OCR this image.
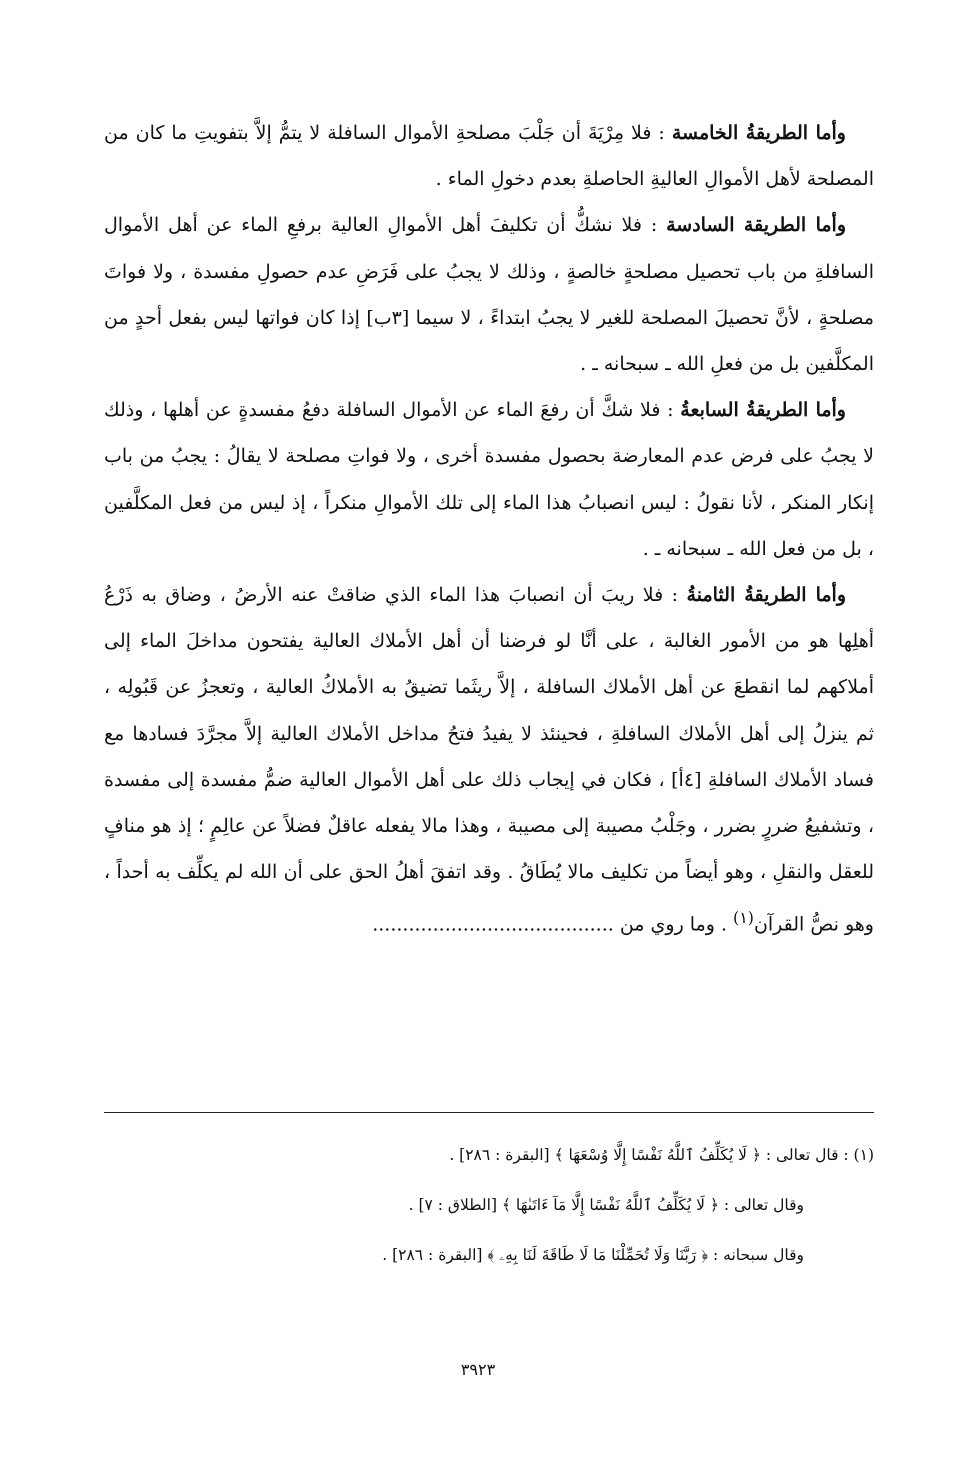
وأما الطريقةُ الخامسة : فلا مِرْيَةَ أن جَلْبَ مصلحةِ الأموال السافلة لا يتمُّ إلاَّ بتفويتِ ما كان من المصلحة لأهل الأموالِ العاليةِ الحاصلةِ بعدم دخولِ الماء .

وأما الطريقة السادسة : فلا نشكُّ أن تكليفَ أهل الأموالِ العالية برفعِ الماء عن أهل الأموال السافلةِ من باب تحصيل مصلحةٍ خالصةٍ ، وذلك لا يجبُ على فَرَضِ عدم حصولِ مفسدة ، ولا فواتَ مصلحةٍ ، لأنَّ تحصيلَ المصلحة للغير لا يجبُ ابتداءً ، لا سيما [٣ب] إذا كان فواتها ليس بفعل أحدٍ من المكلَّفين بل من فعلِ الله ـ سبحانه ـ .

وأما الطريقةُ السابعةُ : فلا شكَّ أن رفعَ الماء عن الأموال السافلة دفعُ مفسدةٍ عن أهلها ، وذلك لا يجبُ على فرض عدم المعارضة بحصول مفسدة أخرى ، ولا فواتِ مصلحة لا يقالُ : يجبُ من باب إنكار المنكر ، لأنا نقولُ : ليس انصبابُ هذا الماء إلى تلك الأموالِ منكراً ، إذ ليس من فعل المكلَّفين ، بل من فعل الله ـ سبحانه ـ .

وأما الطريقةُ الثامنةُ : فلا ريبَ أن انصبابَ هذا الماء الذي ضاقتْ عنه الأرضُ ، وضاق به ذَرْعُ أهلِها هو من الأمور الغالبة ، على أنَّا لو فرضنا أن أهل الأملاك العالية يفتحون مداخلَ الماء إلى أملاكهم لما انقطعَ عن أهل الأملاك السافلة ، إلاَّ ريثَما تضيقُ به الأملاكُ العالية ، وتعجزُ عن قَبُولِه ، ثم ينزلُ إلى أهل الأملاك السافلةِ ، فحينئذ لا يفيدُ فتحُ مداخل الأملاك العالية إلاَّ مجرَّدَ فسادها مع فساد الأملاك السافلةِ [٤أ] ، فكان في إيجاب ذلك على أهل الأموال العالية ضمُّ مفسدة إلى مفسدة ، وتشفيعُ ضررٍ بضرر ، وجَلْبُ مصيبة إلى مصيبة ، وهذا مالا يفعله عاقلٌ فضلاً عن عالِمٍ ؛ إذ هو منافٍ للعقل والنقلِ ، وهو أيضاً من تكليف مالا يُطَاقُ . وقد اتفقَ أهلُ الحق على أن الله لم يكلِّف به أحداً ، وهو نصُّ القرآن$^{(١)}$ . وما روي من ........................................

(١) : قال تعالى : ﴿ لَا يُكَلِّفُ ٱللَّهُ نَفْسًا إِلَّا وُسْعَهَا ﴾ [البقرة : ٢٨٦] .

وقال تعالى : ﴿ لَا يُكَلِّفُ ٱللَّهُ نَفْسًا إِلَّا مَآ ءَاتَىٰهَا ﴾ [الطلاق : ٧] .

وقال سبحانه : ﴿ رَبَّنَا وَلَا تُحَمِّلْنَا مَا لَا طَاقَةَ لَنَا بِهِۦ ﴾ [البقرة : ٢٨٦] .

٣٩٢٣
